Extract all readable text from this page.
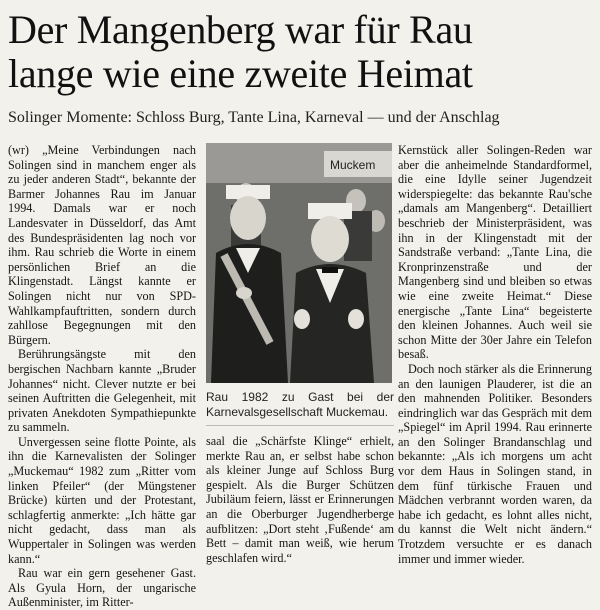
Der Mangenberg war für Rau
lange wie eine zweite Heimat
Solinger Momente: Schloss Burg, Tante Lina, Karneval — und der Anschlag

(wr) „Meine Verbindungen nach Solingen sind in manchem enger als zu jeder anderen Stadt“, bekannte der Barmer Johannes Rau im Januar 1994. Damals war er noch Landesvater in Düsseldorf, das Amt des Bundespräsidenten lag noch vor ihm. Rau schrieb die Worte in einem persönlichen Brief an die Klingenstadt. Längst kannte er Solingen nicht nur von SPD-Wahlkampfauftritten, sondern durch zahllose Begegnungen mit den Bürgern.

Berührungsängste mit den bergischen Nachbarn kannte „Bruder Johannes“ nicht. Clever nutzte er bei seinen Auftritten die Gelegenheit, mit privaten Anekdoten Sympathiepunkte zu sammeln.

Unvergessen seine flotte Pointe, als ihn die Karnevalisten der Solinger „Muckemau“ 1982 zum „Ritter vom linken Pfeiler“ (der Müngstener Brücke) kürten und der Protestant, schlagfertig anmerkte: „Ich hätte gar nicht gedacht, dass man als Wuppertaler in Solingen was werden kann.“

Rau war ein gern gesehener Gast. Als Gyula Horn, der ungarische Außenminister, im Ritter-

Muckem
Rau 1982 zu Gast bei der Karnevalsgesellschaft Muckemau.

saal die „Schärfste Klinge“ erhielt, merkte Rau an, er selbst habe schon als kleiner Junge auf Schloss Burg gespielt. Als die Burger Schützen Jubiläum feiern, lässt er Erinnerungen an die Oberburger Jugendherberge aufblitzen: „Dort steht ‚Fußende‘ am Bett – damit man weiß, wie herum geschlafen wird.“

Kernstück aller Solingen-Reden war aber die anheimelnde Standardformel, die eine Idylle seiner Jugendzeit widerspiegelte: das bekannte Rau'sche „damals am Mangenberg“. Detailliert beschrieb der Ministerpräsident, was ihn in der Klingenstadt mit der Sandstraße verband: „Tante Lina, die Kronprinzenstraße und der Mangenberg sind und bleiben so etwas wie eine zweite Heimat.“ Diese energische „Tante Lina“ begeisterte den kleinen Johannes. Auch weil sie schon Mitte der 30er Jahre ein Telefon besaß.

Doch noch stärker als die Erinnerung an den launigen Plauderer, ist die an den mahnenden Politiker. Besonders eindringlich war das Gespräch mit dem „Spiegel“ im April 1994. Rau erinnerte an den Solinger Brandanschlag und bekannte: „Als ich morgens um acht vor dem Haus in Solingen stand, in dem fünf türkische Frauen und Mädchen verbrannt worden waren, da habe ich gedacht, es lohnt alles nicht, du kannst die Welt nicht ändern.“ Trotzdem versuchte er es danach immer und immer wieder.
